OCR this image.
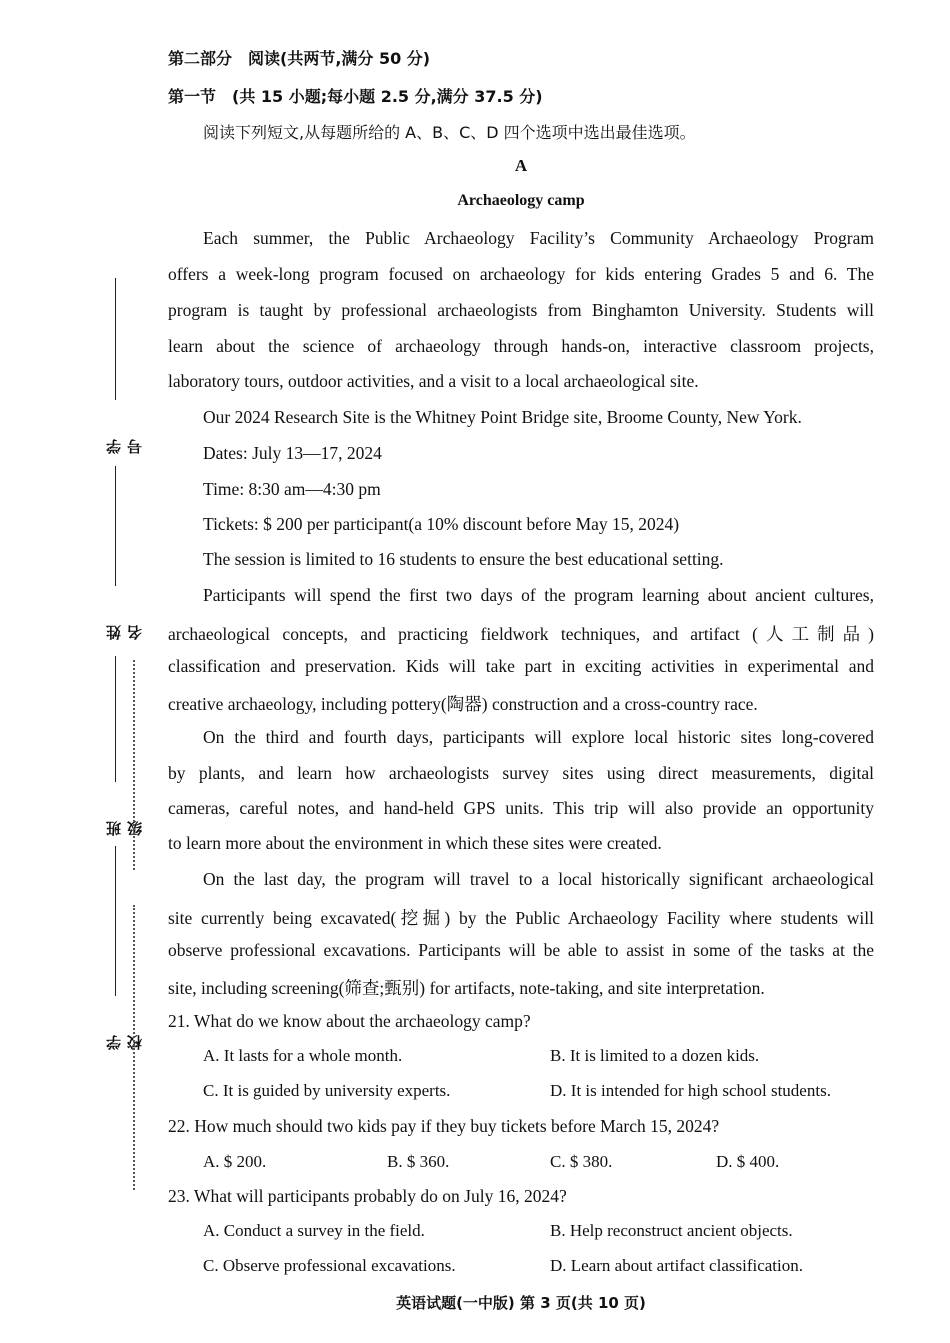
学号
姓名
班级
学校
第二部分　阅读(共两节,满分 50 分)
第一节　(共 15 小题;每小题 2.5 分,满分 37.5 分)
阅读下列短文,从每题所给的 A、B、C、D 四个选项中选出最佳选项。
A
Archaeology camp
Each summer, the Public Archaeology Facility’s Community Archaeology Program
offers a week-long program focused on archaeology for kids entering Grades 5 and 6. The
program is taught by professional archaeologists from Binghamton University. Students will
learn about the science of archaeology through hands-on, interactive classroom projects,
laboratory tours, outdoor activities, and a visit to a local archaeological site.
Our 2024 Research Site is the Whitney Point Bridge site, Broome County, New York.
Dates: July 13—17, 2024
Time: 8:30 am—4:30 pm
Tickets: $ 200 per participant(a 10% discount before May 15, 2024)
The session is limited to 16 students to ensure the best educational setting.
Participants will spend the first two days of the program learning about ancient cultures,
archaeological concepts, and practicing fieldwork techniques, and artifact (人工制品)
classification and preservation. Kids will take part in exciting activities in experimental and
creative archaeology, including pottery(陶器) construction and a cross-country race.
On the third and fourth days, participants will explore local historic sites long-covered
by plants, and learn how archaeologists survey sites using direct measurements, digital
cameras, careful notes, and hand-held GPS units. This trip will also provide an opportunity
to learn more about the environment in which these sites were created.
On the last day, the program will travel to a local historically significant archaeological
site currently being excavated(挖掘) by the Public Archaeology Facility where students will
observe professional excavations. Participants will be able to assist in some of the tasks at the
site, including screening(筛查;甄别) for artifacts, note-taking, and site interpretation.
21. What do we know about the archaeology camp?
A. It lasts for a whole month.	B. It is limited to a dozen kids.
C. It is guided by university experts.	D. It is intended for high school students.
22. How much should two kids pay if they buy tickets before March 15, 2024?
A. $ 200.	B. $ 360.	C. $ 380.	D. $ 400.
23. What will participants probably do on July 16, 2024?
A. Conduct a survey in the field.	B. Help reconstruct ancient objects.
C. Observe professional excavations.	D. Learn about artifact classification.
英语试题(一中版) 第 3 页(共 10 页)
